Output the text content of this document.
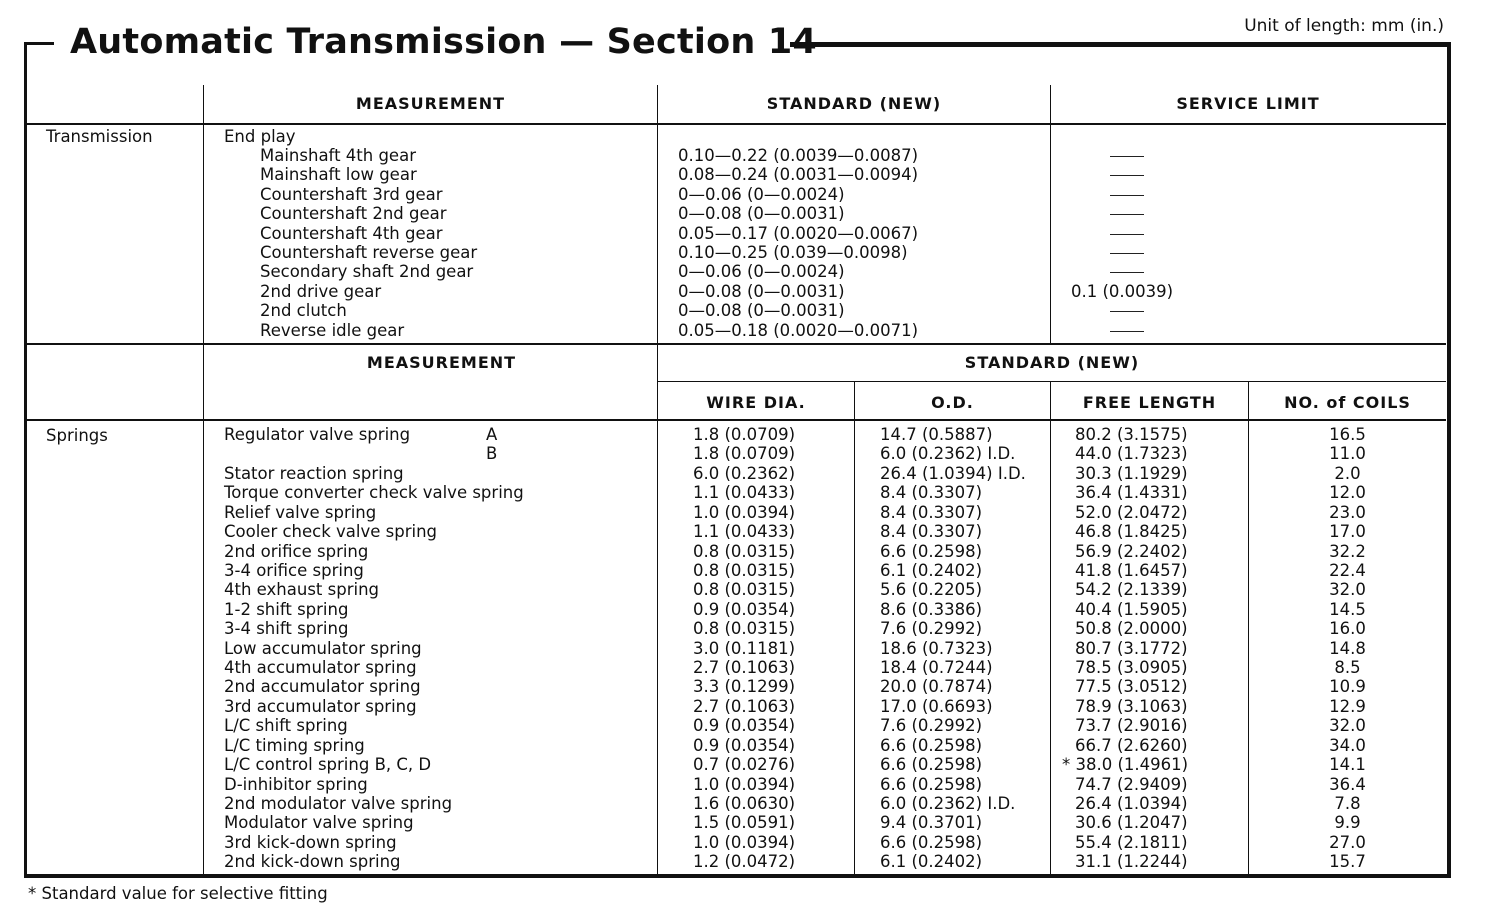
Automatic Transmission — Section 14	Unit of length: mm (in.)
MEASUREMENT	STANDARD (NEW)	SERVICE LIMIT
Transmission	End play
Mainshaft 4th gear	0.10—0.22 (0.0039—0.0087)
Mainshaft low gear	0.08—0.24 (0.0031—0.0094)
Countershaft 3rd gear	0—0.06 (0—0.0024)
Countershaft 2nd gear	0—0.08 (0—0.0031)
Countershaft 4th gear	0.05—0.17 (0.0020—0.0067)
Countershaft reverse gear	0.10—0.25 (0.039—0.0098)
Secondary shaft 2nd gear	0—0.06 (0—0.0024)
2nd drive gear	0—0.08 (0—0.0031)	0.1 (0.0039)
2nd clutch	0—0.08 (0—0.0031)
Reverse idle gear	0.05—0.18 (0.0020—0.0071)
MEASUREMENT	STANDARD (NEW)
WIRE DIA.	O.D.	FREE LENGTH	NO. of COILS
Springs	Regulator valve spring	A	1.8 (0.0709)	14.7 (0.5887)	80.2 (3.1575)	16.5
B	1.8 (0.0709)	6.0 (0.2362) I.D.	44.0 (1.7323)	11.0
Stator reaction spring	6.0 (0.2362)	26.4 (1.0394) I.D.	30.3 (1.1929)	2.0
Torque converter check valve spring	1.1 (0.0433)	8.4 (0.3307)	36.4 (1.4331)	12.0
Relief valve spring	1.0 (0.0394)	8.4 (0.3307)	52.0 (2.0472)	23.0
Cooler check valve spring	1.1 (0.0433)	8.4 (0.3307)	46.8 (1.8425)	17.0
2nd orifice spring	0.8 (0.0315)	6.6 (0.2598)	56.9 (2.2402)	32.2
3-4 orifice spring	0.8 (0.0315)	6.1 (0.2402)	41.8 (1.6457)	22.4
4th exhaust spring	0.8 (0.0315)	5.6 (0.2205)	54.2 (2.1339)	32.0
1-2 shift spring	0.9 (0.0354)	8.6 (0.3386)	40.4 (1.5905)	14.5
3-4 shift spring	0.8 (0.0315)	7.6 (0.2992)	50.8 (2.0000)	16.0
Low accumulator spring	3.0 (0.1181)	18.6 (0.7323)	80.7 (3.1772)	14.8
4th accumulator spring	2.7 (0.1063)	18.4 (0.7244)	78.5 (3.0905)	8.5
2nd accumulator spring	3.3 (0.1299)	20.0 (0.7874)	77.5 (3.0512)	10.9
3rd accumulator spring	2.7 (0.1063)	17.0 (0.6693)	78.9 (3.1063)	12.9
L/C shift spring	0.9 (0.0354)	7.6 (0.2992)	73.7 (2.9016)	32.0
L/C timing spring	0.9 (0.0354)	6.6 (0.2598)	66.7 (2.6260)	34.0
L/C control spring B, C, D	0.7 (0.0276)	6.6 (0.2598)	* 38.0 (1.4961)	14.1
D-inhibitor spring	1.0 (0.0394)	6.6 (0.2598)	74.7 (2.9409)	36.4
2nd modulator valve spring	1.6 (0.0630)	6.0 (0.2362) I.D.	26.4 (1.0394)	7.8
Modulator valve spring	1.5 (0.0591)	9.4 (0.3701)	30.6 (1.2047)	9.9
3rd kick-down spring	1.0 (0.0394)	6.6 (0.2598)	55.4 (2.1811)	27.0
2nd kick-down spring	1.2 (0.0472)	6.1 (0.2402)	31.1 (1.2244)	15.7
* Standard value for selective fitting
